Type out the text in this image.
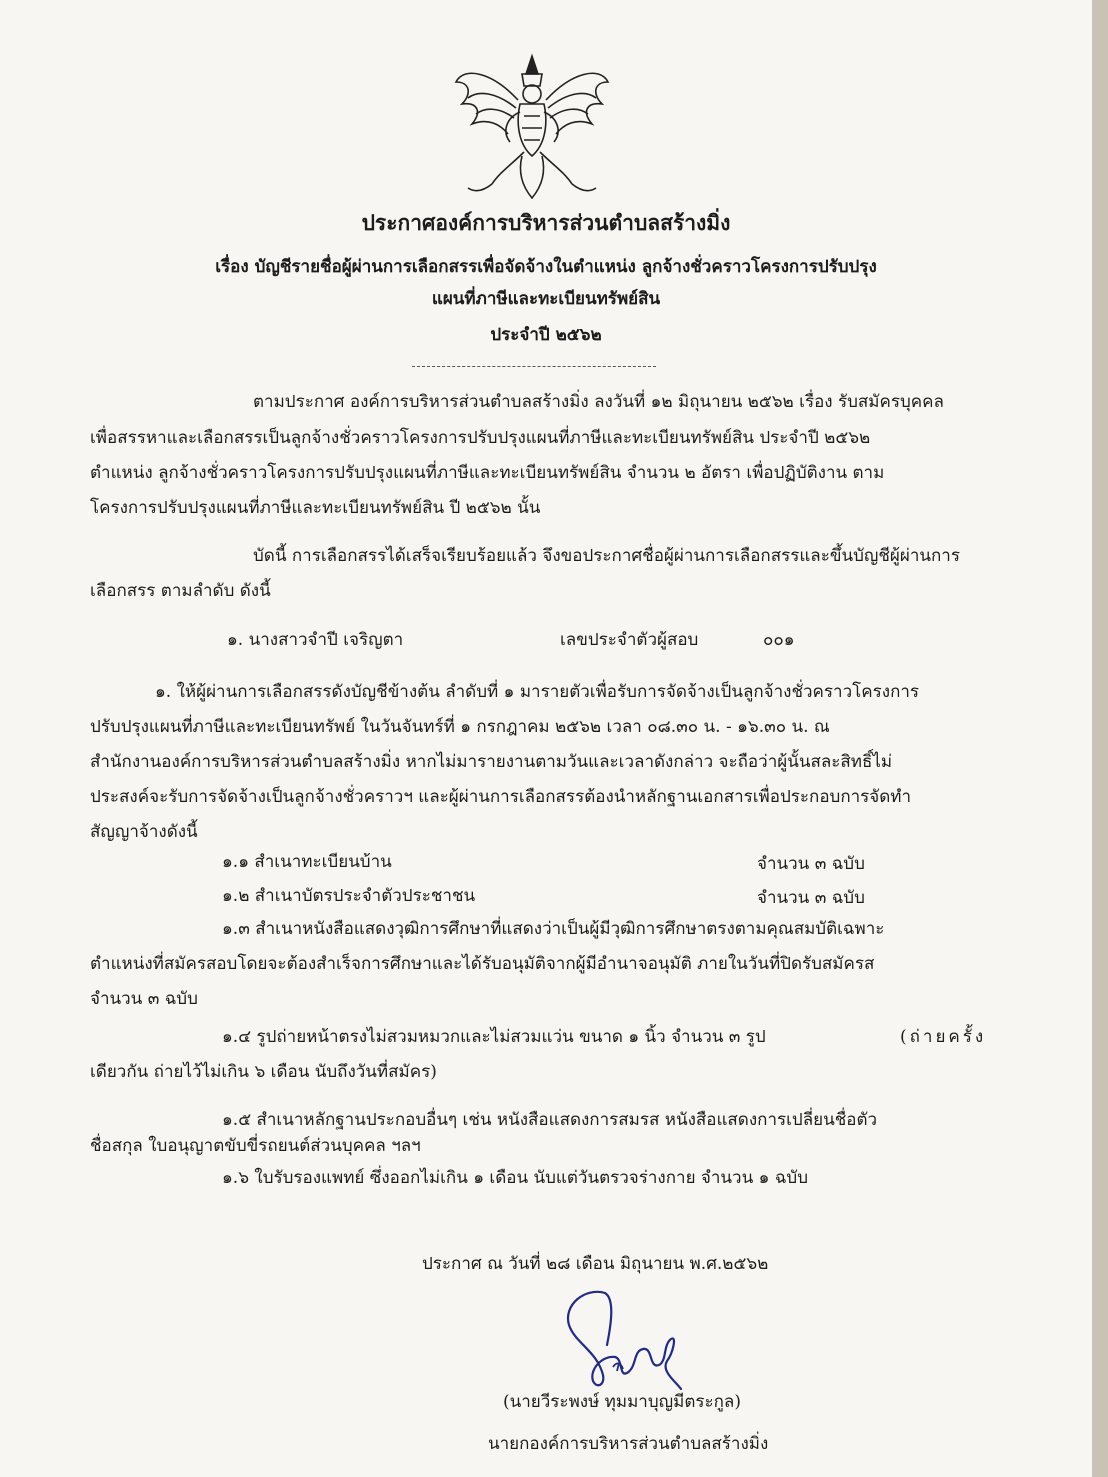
ประกาศองค์การบริหารส่วนตำบลสร้างมิ่ง
เรื่อง บัญชีรายชื่อผู้ผ่านการเลือกสรรเพื่อจัดจ้างในตำแหน่ง ลูกจ้างชั่วคราวโครงการปรับปรุง
แผนที่ภาษีและทะเบียนทรัพย์สิน
ประจำปี ๒๕๖๒
ตามประกาศ องค์การบริหารส่วนตำบลสร้างมิ่ง ลงวันที่ ๑๒ มิถุนายน ๒๕๖๒ เรื่อง รับสมัครบุคคล
เพื่อสรรหาและเลือกสรรเป็นลูกจ้างชั่วคราวโครงการปรับปรุงแผนที่ภาษีและทะเบียนทรัพย์สิน ประจำปี ๒๕๖๒
ตำแหน่ง ลูกจ้างชั่วคราวโครงการปรับปรุงแผนที่ภาษีและทะเบียนทรัพย์สิน จำนวน ๒ อัตรา เพื่อปฏิบัติงาน ตาม
โครงการปรับปรุงแผนที่ภาษีและทะเบียนทรัพย์สิน ปี ๒๕๖๒ นั้น
บัดนี้ การเลือกสรรได้เสร็จเรียบร้อยแล้ว จึงขอประกาศชื่อผู้ผ่านการเลือกสรรและขึ้นบัญชีผู้ผ่านการ
เลือกสรร ตามลำดับ ดังนี้
๑. นางสาวจำปี เจริญตา	เลขประจำตัวผู้สอบ	๐๐๑
๑. ให้ผู้ผ่านการเลือกสรรดังบัญชีข้างต้น ลำดับที่ ๑ มารายตัวเพื่อรับการจัดจ้างเป็นลูกจ้างชั่วคราวโครงการ
ปรับปรุงแผนที่ภาษีและทะเบียนทรัพย์ ในวันจันทร์ที่ ๑ กรกฎาคม ๒๕๖๒ เวลา ๐๘.๓๐ น. - ๑๖.๓๐ น. ณ
สำนักงานองค์การบริหารส่วนตำบลสร้างมิ่ง หากไม่มารายงานตามวันและเวลาดังกล่าว จะถือว่าผู้นั้นสละสิทธิ์ไม่
ประสงค์จะรับการจัดจ้างเป็นลูกจ้างชั่วคราวฯ และผู้ผ่านการเลือกสรรต้องนำหลักฐานเอกสารเพื่อประกอบการจัดทำ
สัญญาจ้างดังนี้
๑.๑ สำเนาทะเบียนบ้าน	จำนวน ๓ ฉบับ
๑.๒ สำเนาบัตรประจำตัวประชาชน	จำนวน ๓ ฉบับ
๑.๓ สำเนาหนังสือแสดงวุฒิการศึกษาที่แสดงว่าเป็นผู้มีวุฒิการศึกษาตรงตามคุณสมบัติเฉพาะ
ตำแหน่งที่สมัครสอบโดยจะต้องสำเร็จการศึกษาและได้รับอนุมัติจากผู้มีอำนาจอนุมัติ ภายในวันที่ปิดรับสมัครส
จำนวน ๓ ฉบับ
๑.๔ รูปถ่ายหน้าตรงไม่สวมหมวกและไม่สวมแว่น ขนาด ๑ นิ้ว จำนวน ๓ รูป	(ถ่ายครั้ง
เดียวกัน ถ่ายไว้ไม่เกิน ๖ เดือน นับถึงวันที่สมัคร)
๑.๕ สำเนาหลักฐานประกอบอื่นๆ เช่น หนังสือแสดงการสมรส หนังสือแสดงการเปลี่ยนชื่อตัว
ชื่อสกุล ใบอนุญาตขับขี่รถยนต์ส่วนบุคคล ฯลฯ
๑.๖ ใบรับรองแพทย์ ซึ่งออกไม่เกิน ๑ เดือน นับแต่วันตรวจร่างกาย จำนวน ๑ ฉบับ
ประกาศ ณ วันที่ ๒๘ เดือน มิถุนายน พ.ศ.๒๕๖๒
(นายวีระพงษ์ ทุมมาบุญมีตระกูล)
นายกองค์การบริหารส่วนตำบลสร้างมิ่ง
